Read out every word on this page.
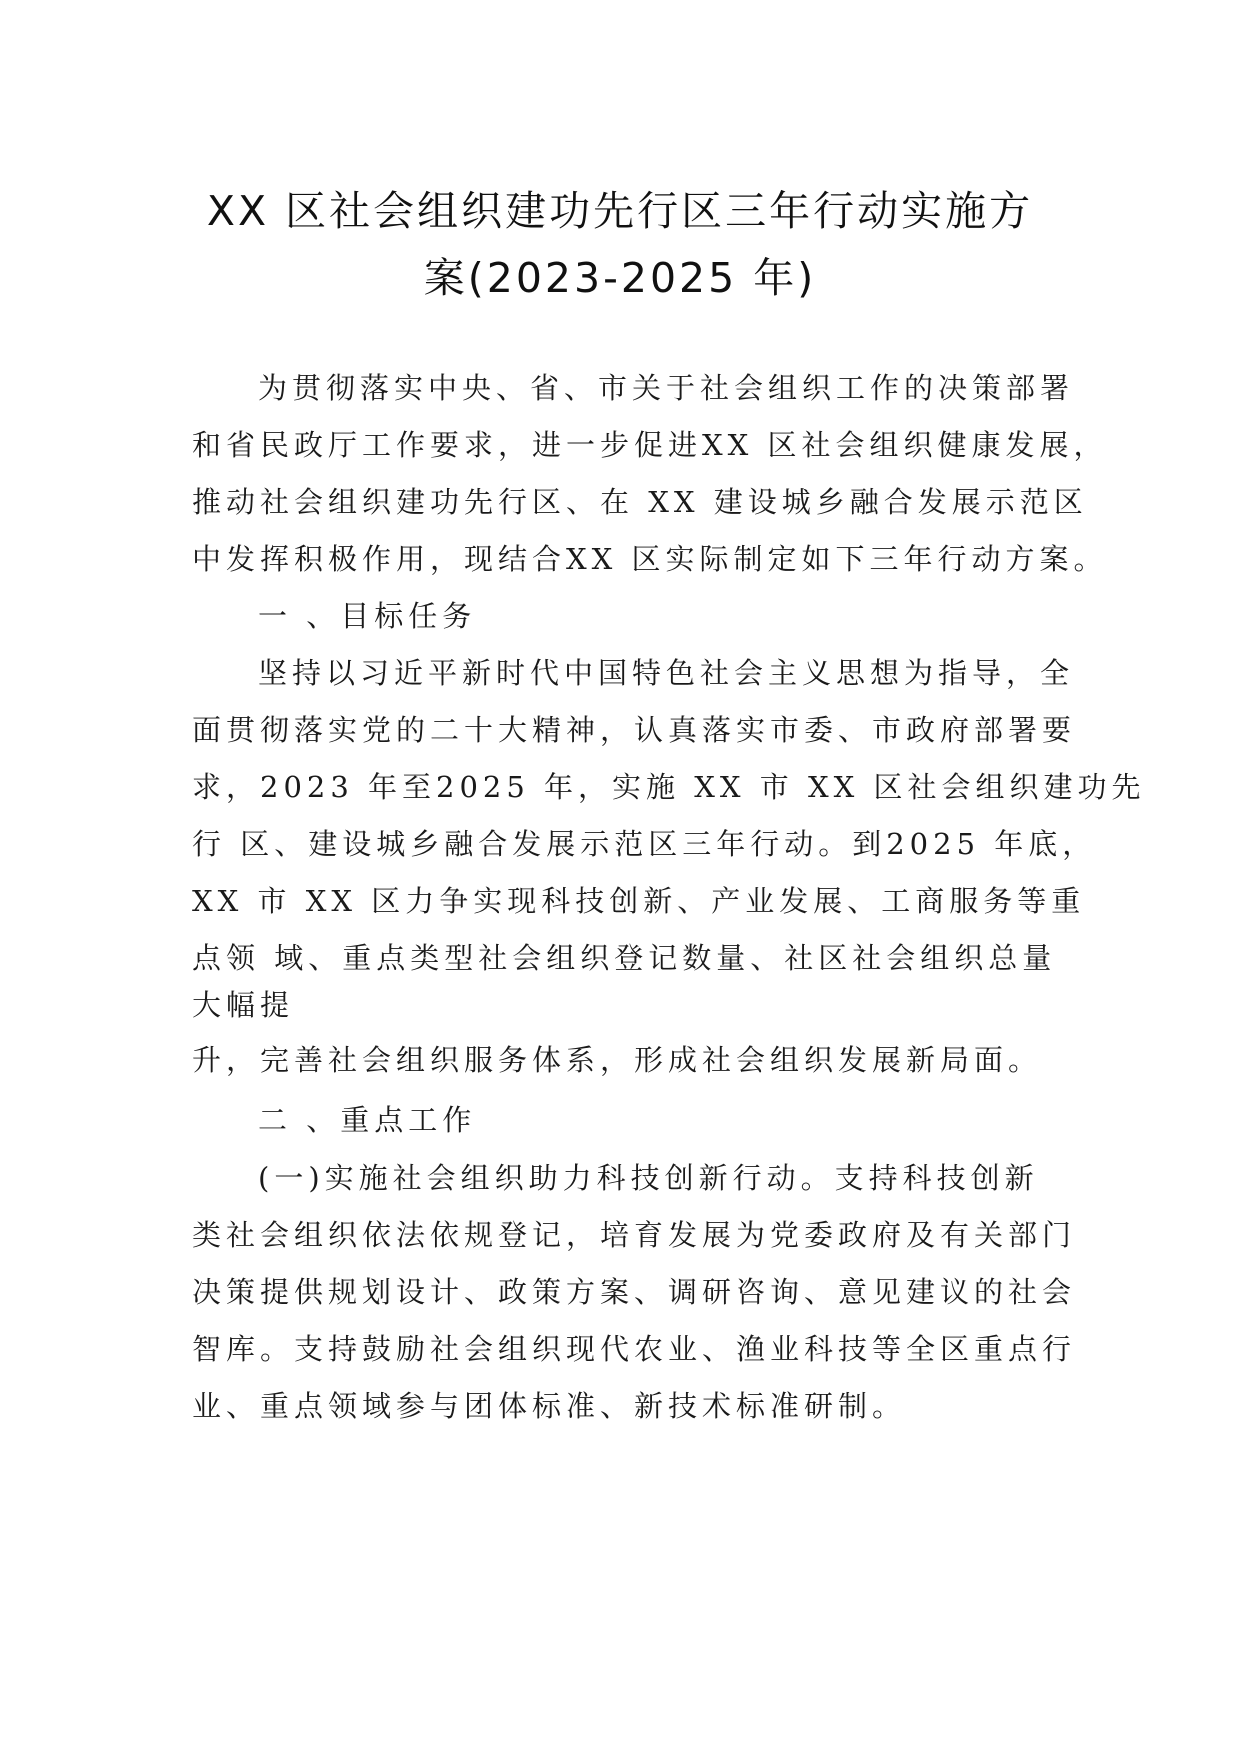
XX 区社会组织建功先行区三年行动实施方
案(2023-2025 年)
为贯彻落实中央、省、市关于社会组织工作的决策部署
和省民政厅工作要求，进一步促进XX 区社会组织健康发展，
推动社会组织建功先行区、在 XX 建设城乡融合发展示范区
中发挥积极作用，现结合XX 区实际制定如下三年行动方案。
一 、目标任务
坚持以习近平新时代中国特色社会主义思想为指导，全
面贯彻落实党的二十大精神，认真落实市委、市政府部署要
求，2023 年至2025 年，实施 XX 市 XX 区社会组织建功先
行 区、建设城乡融合发展示范区三年行动。到2025 年底，
XX 市 XX 区力争实现科技创新、产业发展、工商服务等重
点领 域、重点类型社会组织登记数量、社区社会组织总量
大幅提
升，完善社会组织服务体系，形成社会组织发展新局面。
二 、重点工作
(一)实施社会组织助力科技创新行动。支持科技创新
类社会组织依法依规登记，培育发展为党委政府及有关部门
决策提供规划设计、政策方案、调研咨询、意见建议的社会
智库。支持鼓励社会组织现代农业、渔业科技等全区重点行
业、重点领域参与团体标准、新技术标准研制。
